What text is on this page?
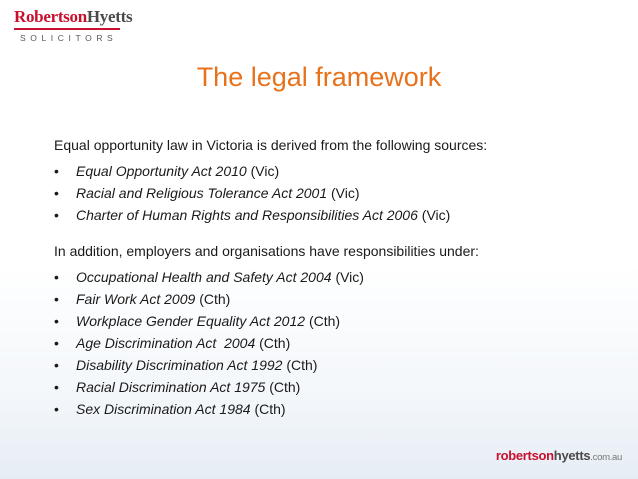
RobertsonHyetts
SOLICITORS
The legal framework

Equal opportunity law in Victoria is derived from the following sources:

• Equal Opportunity Act 2010 (Vic)
• Racial and Religious Tolerance Act 2001 (Vic)
• Charter of Human Rights and Responsibilities Act 2006 (Vic)

In addition, employers and organisations have responsibilities under:

• Occupational Health and Safety Act 2004 (Vic)
• Fair Work Act 2009 (Cth)
• Workplace Gender Equality Act 2012 (Cth)
• Age Discrimination Act  2004 (Cth)
• Disability Discrimination Act 1992 (Cth)
• Racial Discrimination Act 1975 (Cth)
• Sex Discrimination Act 1984 (Cth)
robertsonhyetts.com.au
